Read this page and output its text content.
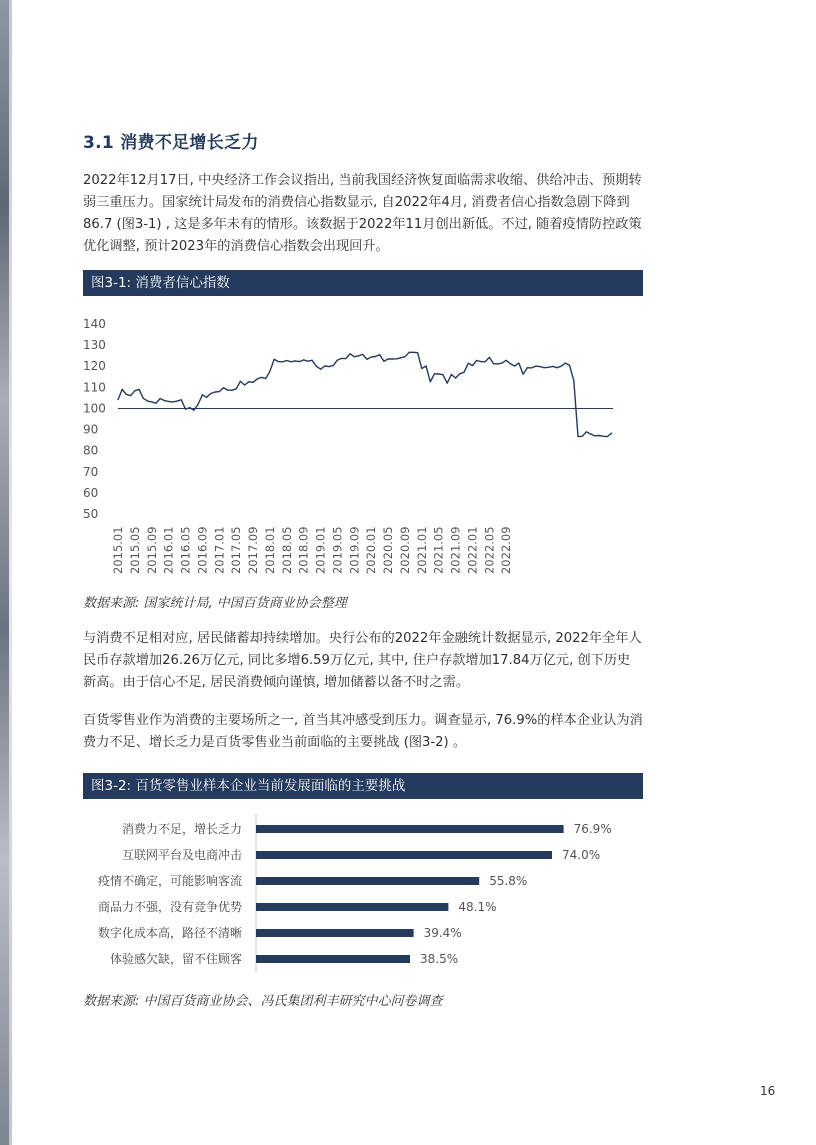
3.1 消费不足增长乏力

2022年12月17日, 中央经济工作会议指出, 当前我国经济恢复面临需求收缩、供给冲击、预期转弱三重压力。国家统计局发布的消费信心指数显示, 自2022年4月, 消费者信心指数急剧下降到86.7 (图3-1) , 这是多年未有的情形。该数据于2022年11月创出新低。不过, 随着疫情防控政策优化调整, 预计2023年的消费信心指数会出现回升。

图3-1: 消费者信心指数
140
130
120
110
100
90
80
70
60
50
2015.01 2015.05 2015.09 2016.01 2016.05 2016.09 2017.01 2017.05 2017.09 2018.01 2018.05 2018.09 2019.01 2019.05 2019.09 2020.01 2020.05 2020.09 2021.01 2021.05 2021.09 2022.01 2022.05 2022.09
数据来源: 国家统计局, 中国百货商业协会整理

与消费不足相对应, 居民储蓄却持续增加。央行公布的2022年金融统计数据显示, 2022年全年人民币存款增加26.26万亿元, 同比多增6.59万亿元, 其中, 住户存款增加17.84万亿元, 创下历史新高。由于信心不足, 居民消费倾向谨慎, 增加储蓄以备不时之需。

百货零售业作为消费的主要场所之一, 首当其冲感受到压力。调查显示, 76.9%的样本企业认为消费力不足、增长乏力是百货零售业当前面临的主要挑战 (图3-2) 。

图3-2: 百货零售业样本企业当前发展面临的主要挑战
消费力不足，增长乏力	76.9%
互联网平台及电商冲击	74.0%
疫情不确定，可能影响客流	55.8%
商品力不强，没有竞争优势	48.1%
数字化成本高，路径不清晰	39.4%
体验感欠缺，留不住顾客	38.5%
数据来源: 中国百货商业协会、冯氏集团利丰研究中心问卷调查
16
